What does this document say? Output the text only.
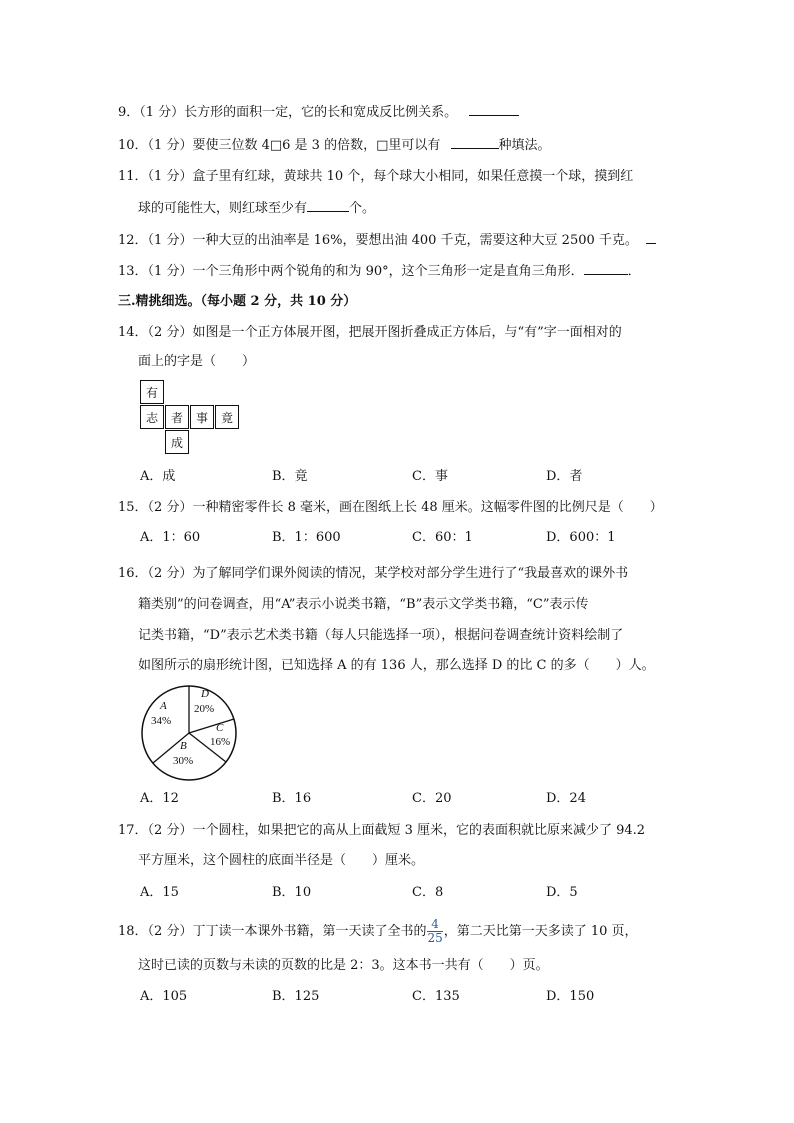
9．（1 分）长方形的面积一定，它的长和宽成反比例关系。
10．（1 分）要使三位数 4□6 是 3 的倍数，□里可以有	种填法。
11．（1 分）盒子里有红球，黄球共 10 个，每个球大小相同，如果任意摸一个球，摸到红
球的可能性大，则红球至少有	个。
12．（1 分）一种大豆的出油率是 16%，要想出油 400 千克，需要这种大豆 2500 千克。
13．（1 分）一个三角形中两个锐角的和为 90°，这个三角形一定是直角三角形．	．
三.精挑细选。（每小题 2 分，共 10 分）
14．（2 分）如图是一个正方体展开图，把展开图折叠成正方体后，与“有”字一面相对的
面上的字是（　　）
有
志	者	事	竟
成
A．成	B．竟	C．事	D．者
15．（2 分）一种精密零件长 8 毫米，画在图纸上长 48 厘米。这幅零件图的比例尺是（　　）
A．1：60	B．1：600	C．60：1	D．600：1
16．（2 分）为了解同学们课外阅读的情况，某学校对部分学生进行了“我最喜欢的课外书
籍类别”的问卷调查，用“A”表示小说类书籍，“B”表示文学类书籍，“C”表示传
记类书籍，“D”表示艺术类书籍（每人只能选择一项），根据问卷调查统计资料绘制了
如图所示的扇形统计图，已知选择 A 的有 136 人，那么选择 D 的比 C 的多（　　）人。
A
34%
D
20%
C
16%
B
30%
A．12	B．16	C．20	D．24
17．（2 分）一个圆柱，如果把它的高从上面截短 3 厘米，它的表面积就比原来减少了 94.2
平方厘米，这个圆柱的底面半径是（　　）厘米。
A．15	B．10	C．8	D．5
18．（2 分）丁丁读一本课外书籍，第一天读了全书的 $\frac{4}{25}$ ，第二天比第一天多读了 10 页，
这时已读的页数与未读的页数的比是 2：3。这本书一共有（　　）页。
A．105	B．125	C．135	D．150
